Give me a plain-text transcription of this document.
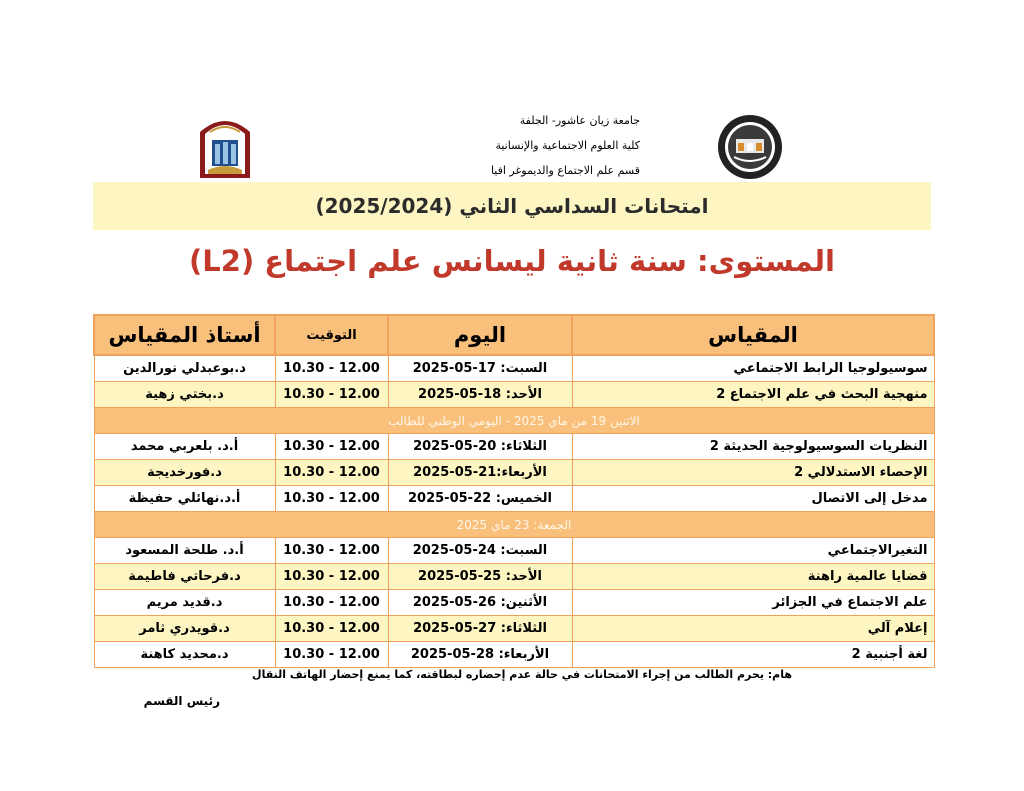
جامعة زيان عاشور- الجلفة
كلية العلوم الاجتماعية والإنسانية
قسم علم الاجتماع والديموغر افيا
امتحانات السداسي الثاني (2025/2024)
المستوى: سنة ثانية ليسانس علم اجتماع (L2)
المقياس	اليوم	التوقيت	أستاذ المقياس
سوسيولوجيا الرابط الاجتماعي	السبت: 17-05-2025	10.30 - 12.00	د.بوعبدلي نورالدين
منهجية البحث في علم الاجتماع 2	الأحد: 18-05-2025	10.30 - 12.00	د.بختي زهية
الاثنين 19 من ماي 2025 - اليومي الوطني للطالب			
النظريات السوسيولوجية الحديثة 2	الثلاثاء: 20-05-2025	10.30 - 12.00	أ.د. بلعربي محمد
الإحصاء الاستدلالي 2	الأربعاء:21-05-2025	10.30 - 12.00	د.فورخديجة
مدخل إلى الاتصال	الخميس: 22-05-2025	10.30 - 12.00	أ.د.نهائلي حفيظة
الجمعة: 23 ماي 2025			
التغيرالاجتماعي	السبت: 24-05-2025	10.30 - 12.00	أ.د. طلحة المسعود
قضايا عالمية راهنة	الأحد: 25-05-2025	10.30 - 12.00	د.فرحاتي فاطيمة
علم الاجتماع في الجزائر	الأثنين: 26-05-2025	10.30 - 12.00	د.قديد مريم
إعلام آلي	الثلاثاء: 27-05-2025	10.30 - 12.00	د.قويدري ثامر
لغة أجنبية 2	الأربعاء: 28-05-2025	10.30 - 12.00	د.محديد كاهنة
هام: يحرم الطالب من إجراء الامتحانات في حالة عدم إحضاره لبطاقته، كما يمنع إحضار الهاتف النقال
رئيس القسم
